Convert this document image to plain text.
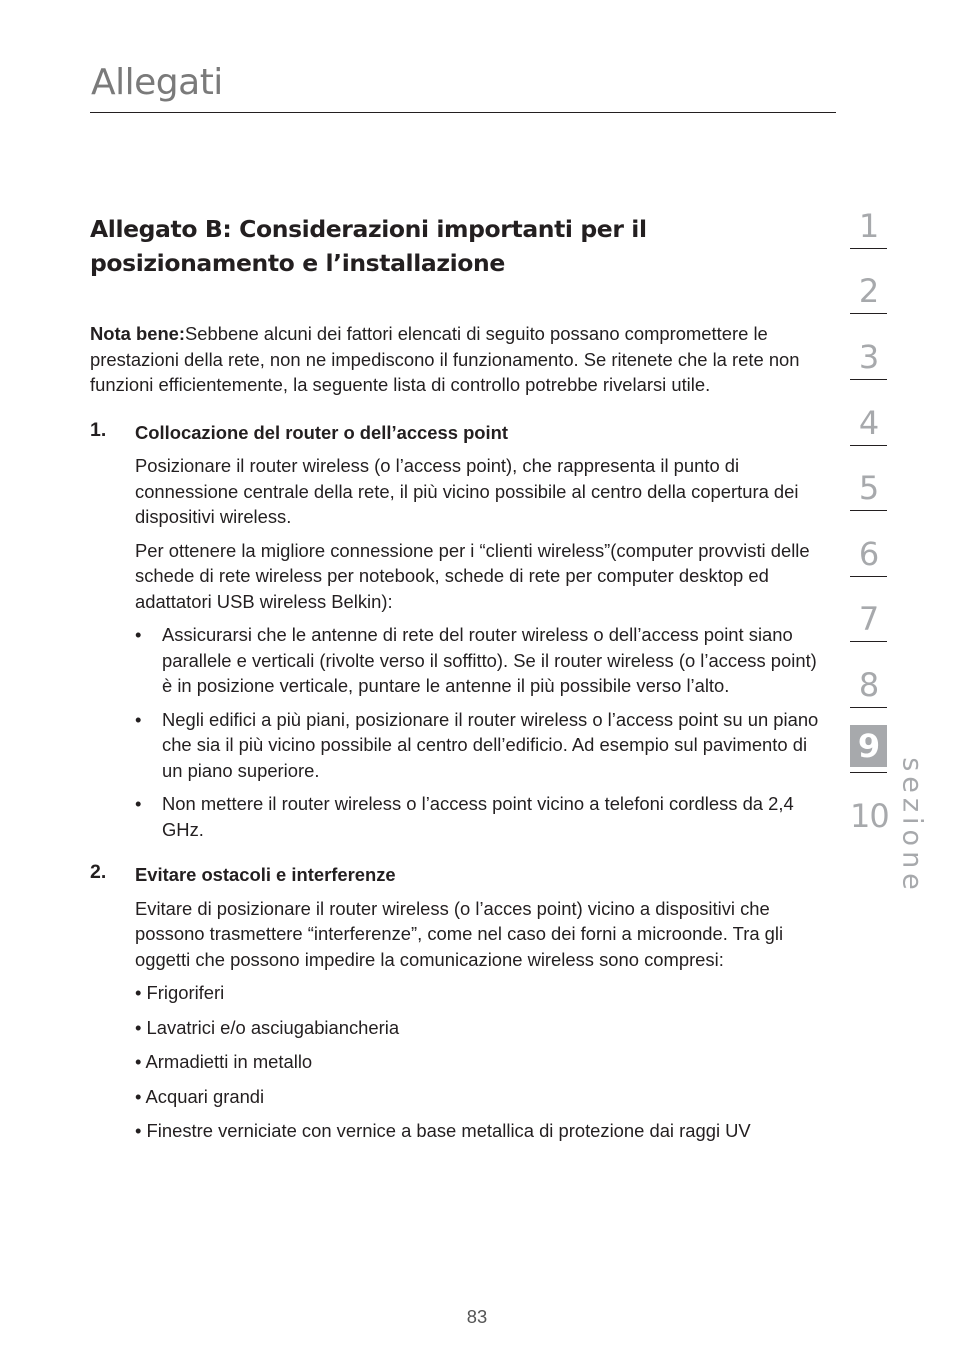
Allegati
Allegato B: Considerazioni importanti per il posizionamento e l’installazione

Nota bene:Sebbene alcuni dei fattori elencati di seguito possano compromettere le prestazioni della rete, non ne impediscono il funzionamento. Se ritenete che la rete non funzioni efficientemente, la seguente lista di controllo potrebbe rivelarsi utile.

1. Collocazione del router o dell’access point

Posizionare il router wireless (o l’access point), che rappresenta il punto di connessione centrale della rete, il più vicino possibile al centro della copertura dei dispositivi wireless.

Per ottenere la migliore connessione per i “clienti wireless”(computer provvisti delle schede di rete wireless per notebook, schede di rete per computer desktop ed adattatori USB wireless Belkin):

• Assicurarsi che le antenne di rete del router wireless o dell’access point siano parallele e verticali (rivolte verso il soffitto). Se il router wireless (o l’access point) è in posizione verticale, puntare le antenne il più possibile verso l’alto.
• Negli edifici a più piani, posizionare il router wireless o l’access point su un piano che sia il più vicino possibile al centro dell’edificio. Ad esempio sul pavimento di un piano superiore.
• Non mettere il router wireless o l’access point vicino a telefoni cordless da 2,4 GHz.
2. Evitare ostacoli e interferenze

Evitare di posizionare il router wireless (o l’acces point) vicino a dispositivi che possono trasmettere “interferenze”, come nel caso dei forni a microonde. Tra gli oggetti che possono impedire la comunicazione wireless sono compresi:

• Frigoriferi
• Lavatrici e/o asciugabiancheria
• Armadietti in metallo
• Acquari grandi
• Finestre verniciate con vernice a base metallica di protezione dai raggi UV
1
2
3
4
5
6
7
8
9
10 sezione
83
